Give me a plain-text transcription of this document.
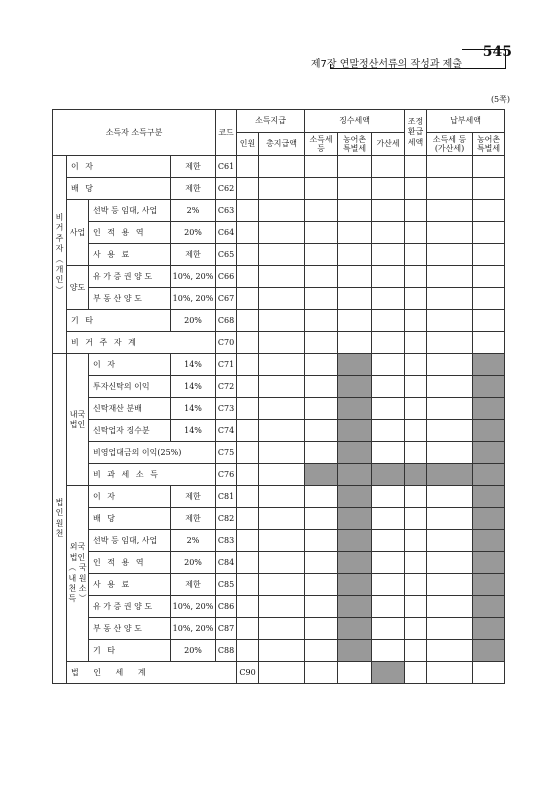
제7장 연말정산서류의 작성과 제출
545
(5쪽)
소득자 소득구분				코드	소득지급		징수세액			조정 환급 세액	납부세액		
					인원	총지급액	소득세 등	농어촌 특별세	가산세		소득세 등 (가산세)	농어촌 특별세	

비 거 주 자 ︵ 개 인 ︶	이 자		제한	C61									
	배 당		제한	C62									
	사업	선박 등 임대, 사업	2%	C63									
		인 적 용 역	20%	C64									
		사 용 료	제한	C65									
	양도	유 가 증 권 양 도	10%, 20%	C66									
		부 동 산 양 도	10%, 20%	C67									
	기 타		20%	C68									
	비 거 주 자 계			C70									
법 인 원 천	내국 법인	이 자	14%	C71									
		투자신탁의 이익	14%	C72									
		신탁재산 분배	14%	C73									
		신탁업자 징수분	14%	C74									
		비영업대금의 이익(25%)		C75									
		비 과 세 소 득		C76									
	외국 법인 ︵ 국내 원천 소득 ︶	이 자	제한	C81									
		배 당	제한	C82									
		선박 등 임대, 사업	2%	C83									
		인 적 용 역	20%	C84									
		사 용 료	제한	C85									
		유 가 증 권 양 도	10%, 20%	C86									
		부 동 산 양 도	10%, 20%	C87									
		기 타	20%	C88									
	법 인 세 계				C90								
